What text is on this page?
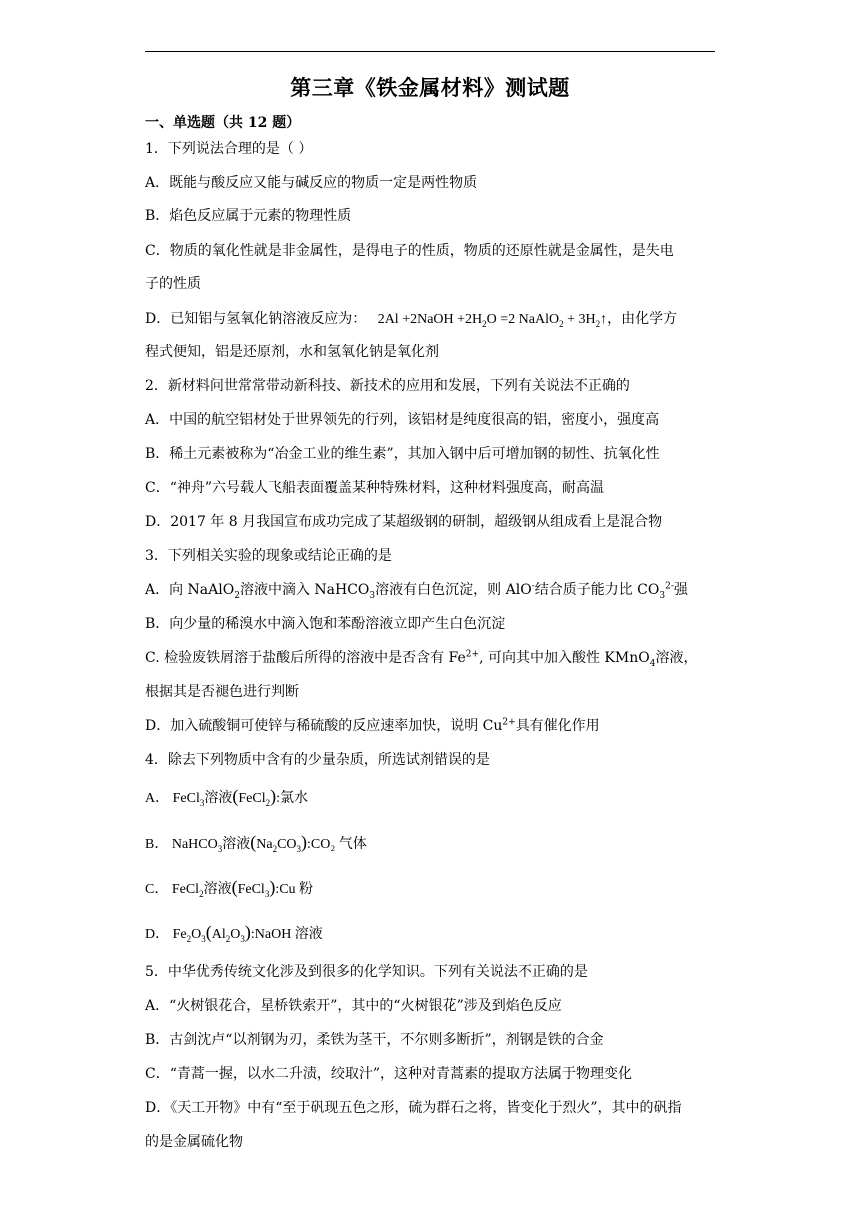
第三章《铁金属材料》测试题
一、单选题（共 12 题）
1．下列说法合理的是（ ）
A．既能与酸反应又能与碱反应的物质一定是两性物质
B．焰色反应属于元素的物理性质
C．物质的氧化性就是非金属性，是得电子的性质，物质的还原性就是金属性，是失电
子的性质
D．已知铝与氢氧化钠溶液反应为：   2Al +2NaOH $+2H_2O =2$ NaAlO$_2$ + $3H_2↑$，由化学方
程式便知，铝是还原剂，水和氢氧化钠是氧化剂
2．新材料问世常常带动新科技、新技术的应用和发展，下列有关说法不正确的
A．中国的航空铝材处于世界领先的行列，该铝材是纯度很高的铝，密度小，强度高
B．稀土元素被称为“冶金工业的维生素”，其加入钢中后可增加钢的韧性、抗氧化性
C．“神舟”六号载人飞船表面覆盖某种特殊材料，这种材料强度高，耐高温
D．2017 年 8 月我国宣布成功完成了某超级钢的研制，超级钢从组成看上是混合物
3．下列相关实验的现象或结论正确的是
A．向 NaAlO$_2$溶液中滴入 NaHCO$_3$溶液有白色沉淀，则 AlO-结合质子能力比 $CO_3^{2-}$强
B．向少量的稀溴水中滴入饱和苯酚溶液立即产生白色沉淀
C. 检验废铁屑溶于盐酸后所得的溶液中是否含有 $Fe^{2+}$, 可向其中加入酸性 KMnO$_4$溶液，
根据其是否褪色进行判断
D．加入硫酸铜可使锌与稀硫酸的反应速率加快，说明 $Cu^{2+}$具有催化作用
4．除去下列物质中含有的少量杂质，所选试剂错误的是
A． FeCl$_3$溶液(FeCl$_2$):氯水
B． NaHCO$_3$溶液$(Na_2CO_3):CO_2$ 气体
C． FeCl$_2$溶液(FeCl$_3$):Cu 粉
D． $Fe_2O_3(Al_2O_3):NaOH$ 溶液
5．中华优秀传统文化涉及到很多的化学知识。下列有关说法不正确的是
A．“火树银花合，星桥铁索开”，其中的“火树银花”涉及到焰色反应
B．古剑沈卢“以剂钢为刃，柔铁为茎干，不尔则多断折”，剂钢是铁的合金
C．“青蒿一握，以水二升渍，绞取汁”，这种对青蒿素的提取方法属于物理变化
D．《天工开物》中有“至于矾现五色之形，硫为群石之将，皆变化于烈火”，其中的矾指
的是金属硫化物
